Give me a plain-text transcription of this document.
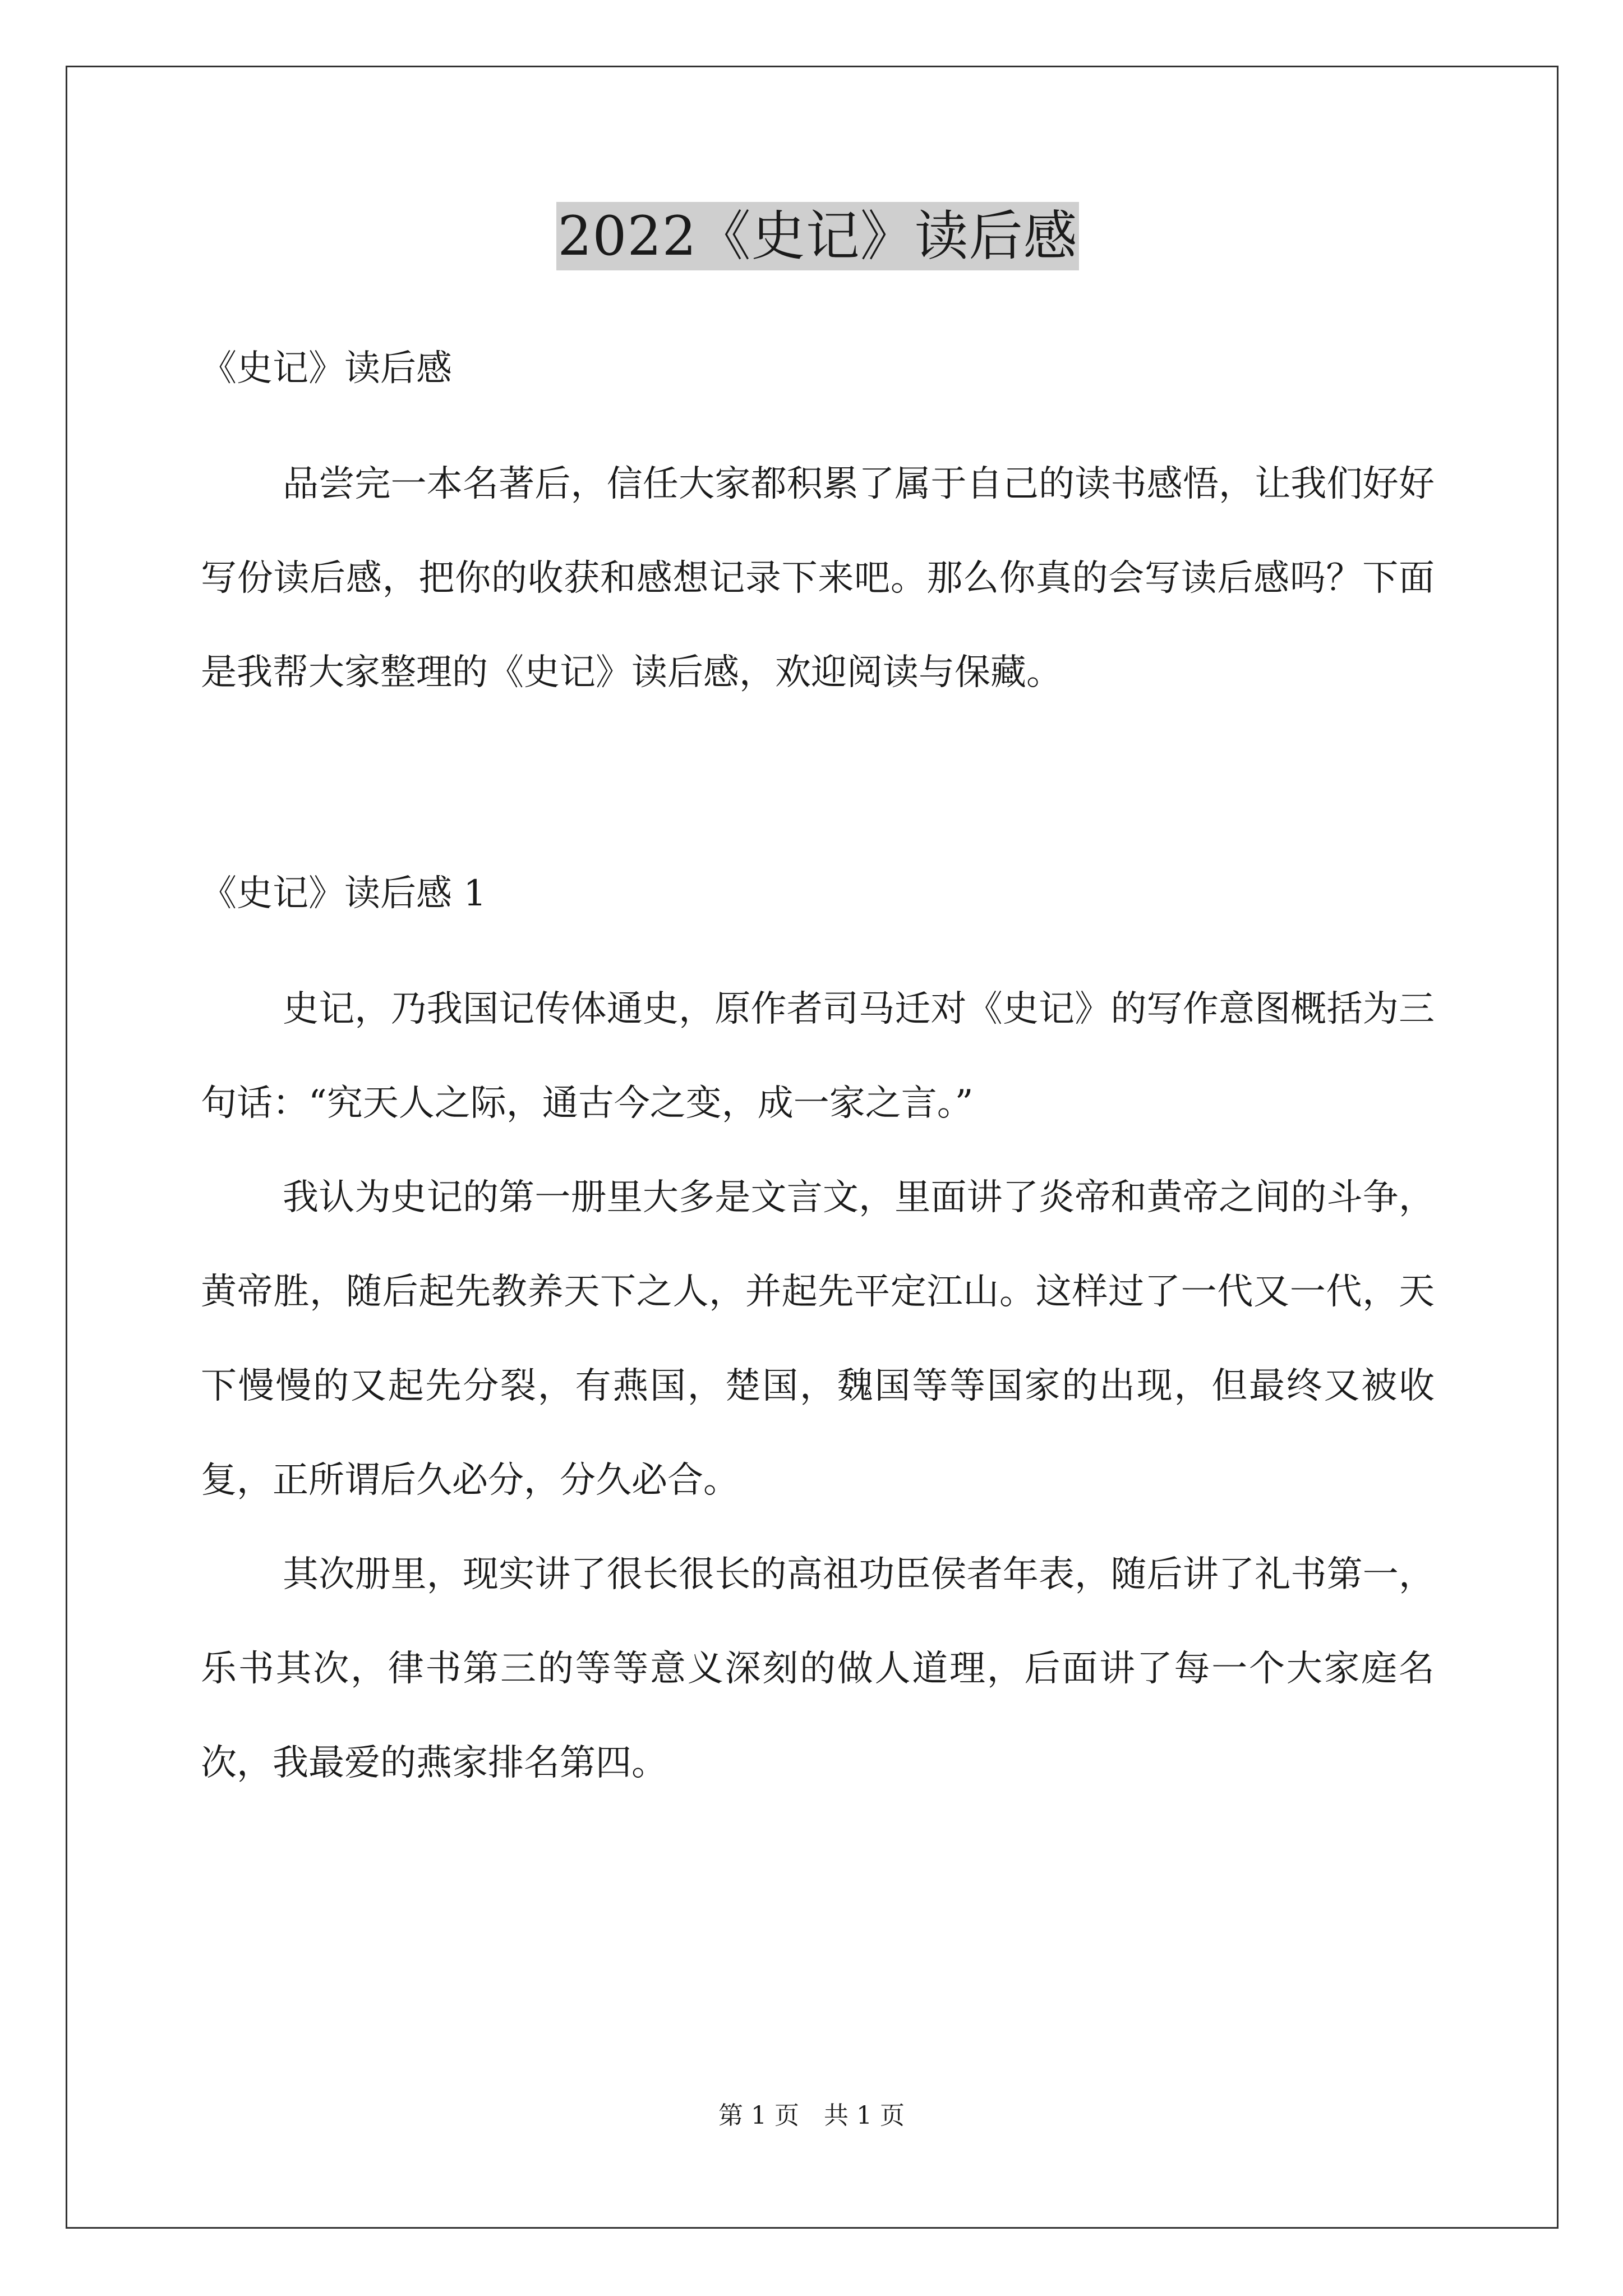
2022《史记》读后感
《史记》读后感

品尝完一本名著后，信任大家都积累了属于自己的读书感悟，让我们好好写份读后感，把你的收获和感想记录下来吧。那么你真的会写读后感吗？下面是我帮大家整理的《史记》读后感，欢迎阅读与保藏。

《史记》读后感 1

史记，乃我国记传体通史，原作者司马迁对《史记》的写作意图概括为三句话：“究天人之际，通古今之变，成一家之言。”

我认为史记的第一册里大多是文言文，里面讲了炎帝和黄帝之间的斗争，黄帝胜，随后起先教养天下之人，并起先平定江山。这样过了一代又一代，天下慢慢的又起先分裂，有燕国，楚国，魏国等等国家的出现，但最终又被收复，正所谓后久必分，分久必合。

其次册里，现实讲了很长很长的高祖功臣侯者年表，随后讲了礼书第一，乐书其次，律书第三的等等意义深刻的做人道理，后面讲了每一个大家庭名次，我最爱的燕家排名第四。

第 1 页　共 1 页
